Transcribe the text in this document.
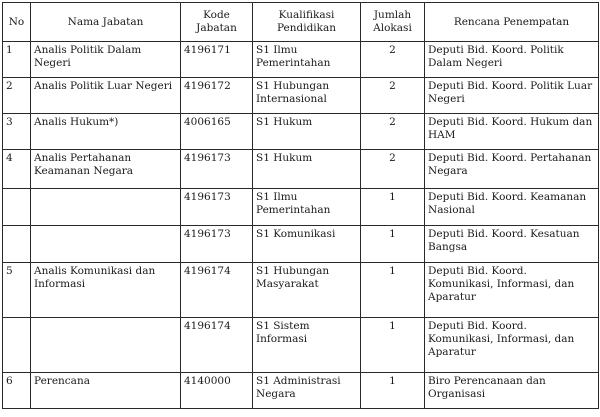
No	Nama Jabatan	Kode Jabatan	Kualifikasi Pendidikan	Jumlah Alokasi	Rencana Penempatan
1	Analis Politik Dalam Negeri	4196171	S1 Ilmu Pemerintahan	2	Deputi Bid. Koord. Politik Dalam Negeri
2	Analis Politik Luar Negeri	4196172	S1 Hubungan Internasional	2	Deputi Bid. Koord. Politik Luar Negeri
3	Analis Hukum*)	4006165	S1 Hukum	2	Deputi Bid. Koord. Hukum dan HAM
4	Analis Pertahanan Keamanan Negara	4196173	S1 Hukum	2	Deputi Bid. Koord. Pertahanan Negara
		4196173	S1 Ilmu Pemerintahan	1	Deputi Bid. Koord. Keamanan Nasional
		4196173	S1 Komunikasi	1	Deputi Bid. Koord. Kesatuan Bangsa
5	Analis Komunikasi dan Informasi	4196174	S1 Hubungan Masyarakat	1	Deputi Bid. Koord. Komunikasi, Informasi, dan Aparatur
		4196174	S1 Sistem Informasi	1	Deputi Bid. Koord. Komunikasi, Informasi, dan Aparatur
6	Perencana	4140000	S1 Administrasi Negara	1	Biro Perencanaan dan Organisasi
